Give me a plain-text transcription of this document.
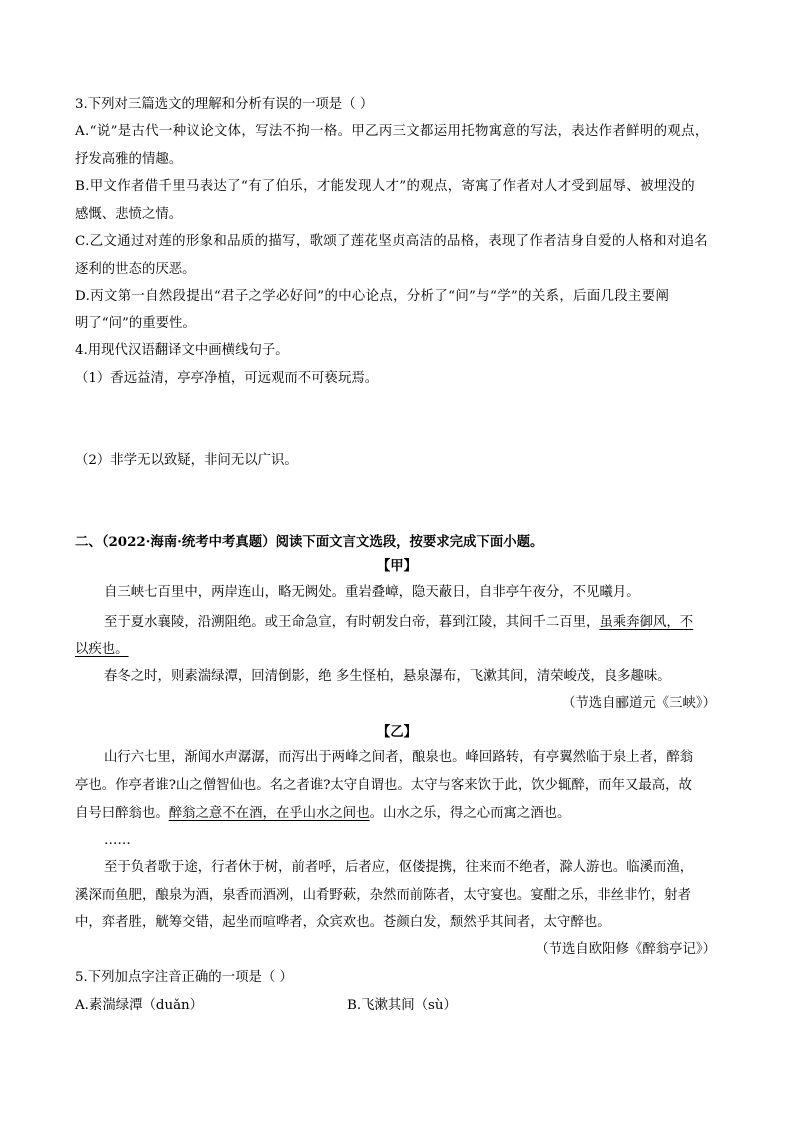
3.下列对三篇选文的理解和分析有误的一项是（ ）
A.“说”是古代一种议论文体，写法不拘一格。甲乙丙三文都运用托物寓意的写法，表达作者鲜明的观点，
抒发高雅的情趣。
B.甲文作者借千里马表达了“有了伯乐，才能发现人才”的观点，寄寓了作者对人才受到屈辱、被埋没的
感慨、悲愤之情。
C.乙文通过对莲的形象和品质的描写，歌颂了莲花坚贞高洁的品格，表现了作者洁身自爱的人格和对追名
逐利的世态的厌恶。
D.丙文第一自然段提出“君子之学必好问”的中心论点，分析了“问”与“学”的关系，后面几段主要阐
明了“问”的重要性。
4.用现代汉语翻译文中画横线句子。
（1）香远益清，亭亭净植，可远观而不可亵玩焉。
（2）非学无以致疑，非问无以广识。
二、（2022·海南·统考中考真题）阅读下面文言文选段，按要求完成下面小题。
【甲】
自三峡七百里中，两岸连山，略无阙处。重岩叠嶂，隐天蔽日，自非亭午夜分，不见曦月。
至于夏水襄陵，沿溯阻绝。或王命急宣，有时朝发白帝，暮到江陵，其间千二百里，虽乘奔御风，不
以疾也。
春冬之时，则素湍绿潭，回清倒影，绝 多生怪柏，悬泉瀑布，飞漱其间，清荣峻茂，良多趣味。
（节选自郦道元《三峡》）
【乙】
山行六七里，渐闻水声潺潺，而泻出于两峰之间者，酿泉也。峰回路转，有亭翼然临于泉上者，醉翁
亭也。作亭者谁?山之僧智仙也。名之者谁?太守自谓也。太守与客来饮于此，饮少辄醉，而年又最高，故
自号曰醉翁也。醉翁之意不在酒，在乎山水之间也。山水之乐，得之心而寓之酒也。
……
至于负者歌于途，行者休于树，前者呼，后者应，伛偻提携，往来而不绝者，滁人游也。临溪而渔，
溪深而鱼肥，酿泉为酒，泉香而酒冽，山肴野蔌，杂然而前陈者，太守宴也。宴酣之乐，非丝非竹，射者
中，弈者胜，觥筹交错，起坐而喧哗者，众宾欢也。苍颜白发，颓然乎其间者，太守醉也。
（节选自欧阳修《醉翁亭记》）
5.下列加点字注音正确的一项是（ ）
A.素湍绿潭（duǎn）	B.飞漱其间（sù）
